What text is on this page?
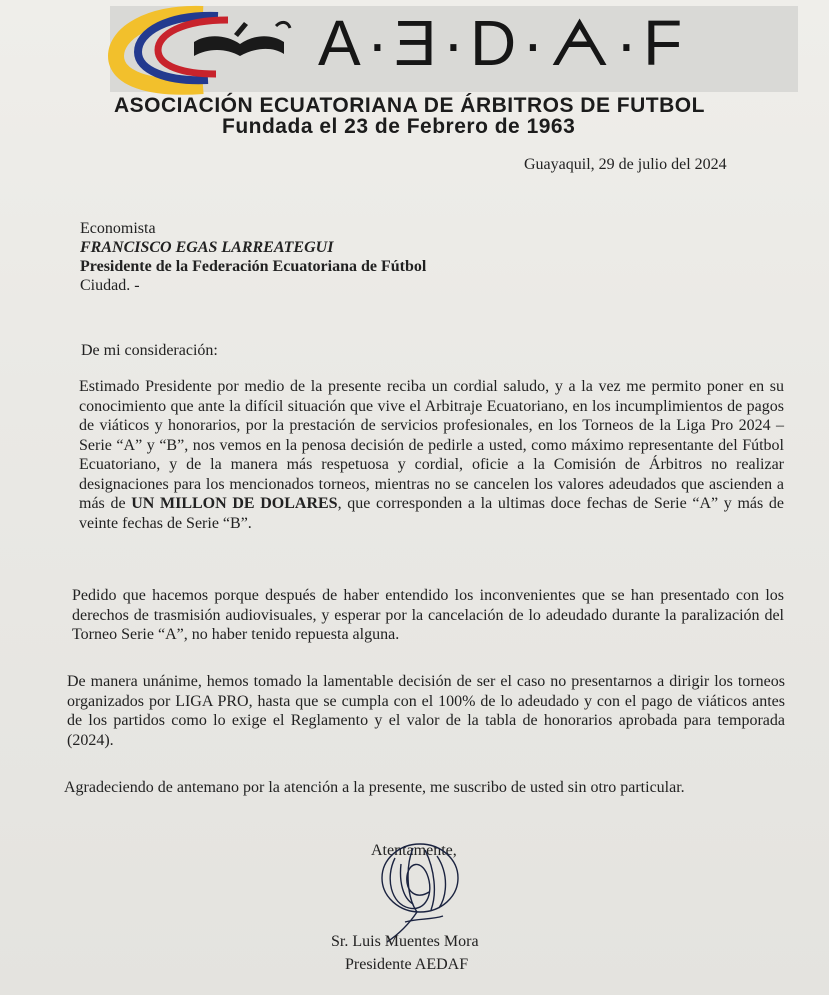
A·Ǝ·D·ᗅ·F
ASOCIACIÓN ECUATORIANA DE ÁRBITROS DE FUTBOL
Fundada el 23 de Febrero de 1963
Guayaquil, 29 de julio del 2024
Economista
FRANCISCO EGAS LARREATEGUI
Presidente de la Federación Ecuatoriana de Fútbol
Ciudad. -
De mi consideración:
Estimado Presidente por medio de la presente reciba un cordial saludo, y a la vez me permito poner en su conocimiento que ante la difícil situación que vive el Arbitraje Ecuatoriano, en los incumplimientos de pagos de viáticos y honorarios, por la prestación de servicios profesionales, en los Torneos de la Liga Pro 2024 – Serie “A” y “B”, nos vemos en la penosa decisión de pedirle a usted, como máximo representante del Fútbol Ecuatoriano, y de la manera más respetuosa y cordial, oficie a la Comisión de Árbitros no realizar designaciones para los mencionados torneos, mientras no se cancelen los valores adeudados que ascienden a más de UN MILLON DE DOLARES, que corresponden a la ultimas doce fechas de Serie “A” y más de veinte fechas de Serie “B”.
Pedido que hacemos porque después de haber entendido los inconvenientes que se han presentado con los derechos de trasmisión audiovisuales, y esperar por la cancelación de lo adeudado durante la paralización del Torneo Serie “A”, no haber tenido repuesta alguna.
De manera unánime, hemos tomado la lamentable decisión de ser el caso no presentarnos a dirigir los torneos organizados por LIGA PRO, hasta que se cumpla con el 100% de lo adeudado y con el pago de viáticos antes de los partidos como lo exige el Reglamento y el valor de la tabla de honorarios aprobada para temporada (2024).
Agradeciendo de antemano por la atención a la presente, me suscribo de usted sin otro particular.
Atentamente,
Sr. Luis Muentes Mora
Presidente AEDAF
